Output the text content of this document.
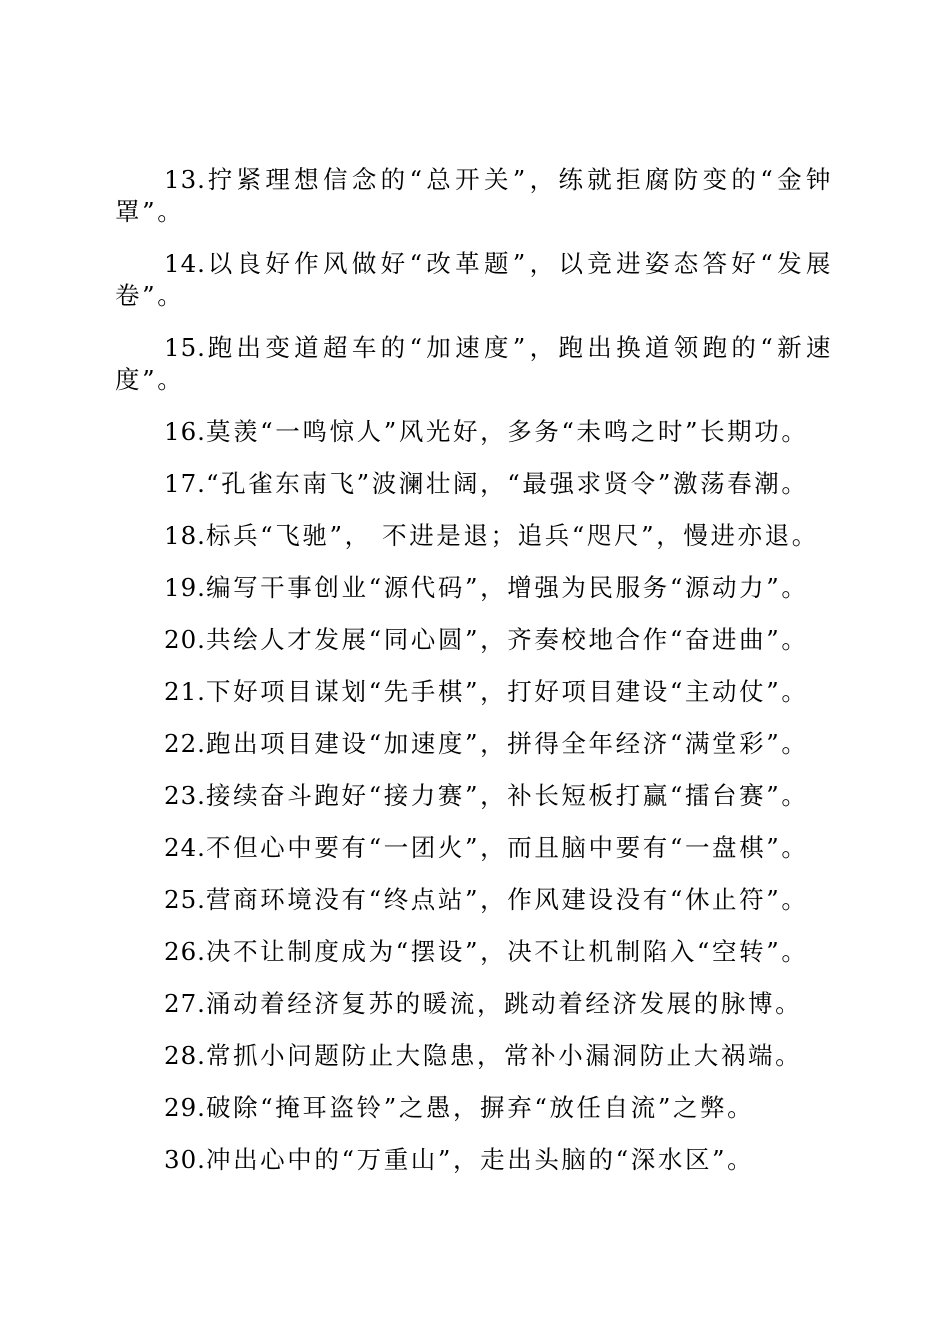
13.拧紧理想信念的“总开关”，练就拒腐防变的“金钟罩”。

14.以良好作风做好“改革题”，以竞进姿态答好“发展卷”。

15.跑出变道超车的“加速度”，跑出换道领跑的“新速度”。

16.莫羡“一鸣惊人”风光好，多务“未鸣之时”长期功。

17.“孔雀东南飞”波澜壮阔，“最强求贤令”激荡春潮。

18.标兵“飞驰”， 不进是退；追兵“咫尺”，慢进亦退。

19.编写干事创业“源代码”，增强为民服务“源动力”。

20.共绘人才发展“同心圆”，齐奏校地合作“奋进曲”。

21.下好项目谋划“先手棋”，打好项目建设“主动仗”。

22.跑出项目建设“加速度”，拼得全年经济“满堂彩”。

23.接续奋斗跑好“接力赛”，补长短板打赢“擂台赛”。

24.不但心中要有“一团火”，而且脑中要有“一盘棋”。

25.营商环境没有“终点站”，作风建设没有“休止符”。

26.决不让制度成为“摆设”，决不让机制陷入“空转”。

27.涌动着经济复苏的暖流，跳动着经济发展的脉博。

28.常抓小问题防止大隐患，常补小漏洞防止大祸端。

29.破除“掩耳盗铃”之愚，摒弃“放任自流”之弊。

30.冲出心中的“万重山”，走出头脑的“深水区”。
